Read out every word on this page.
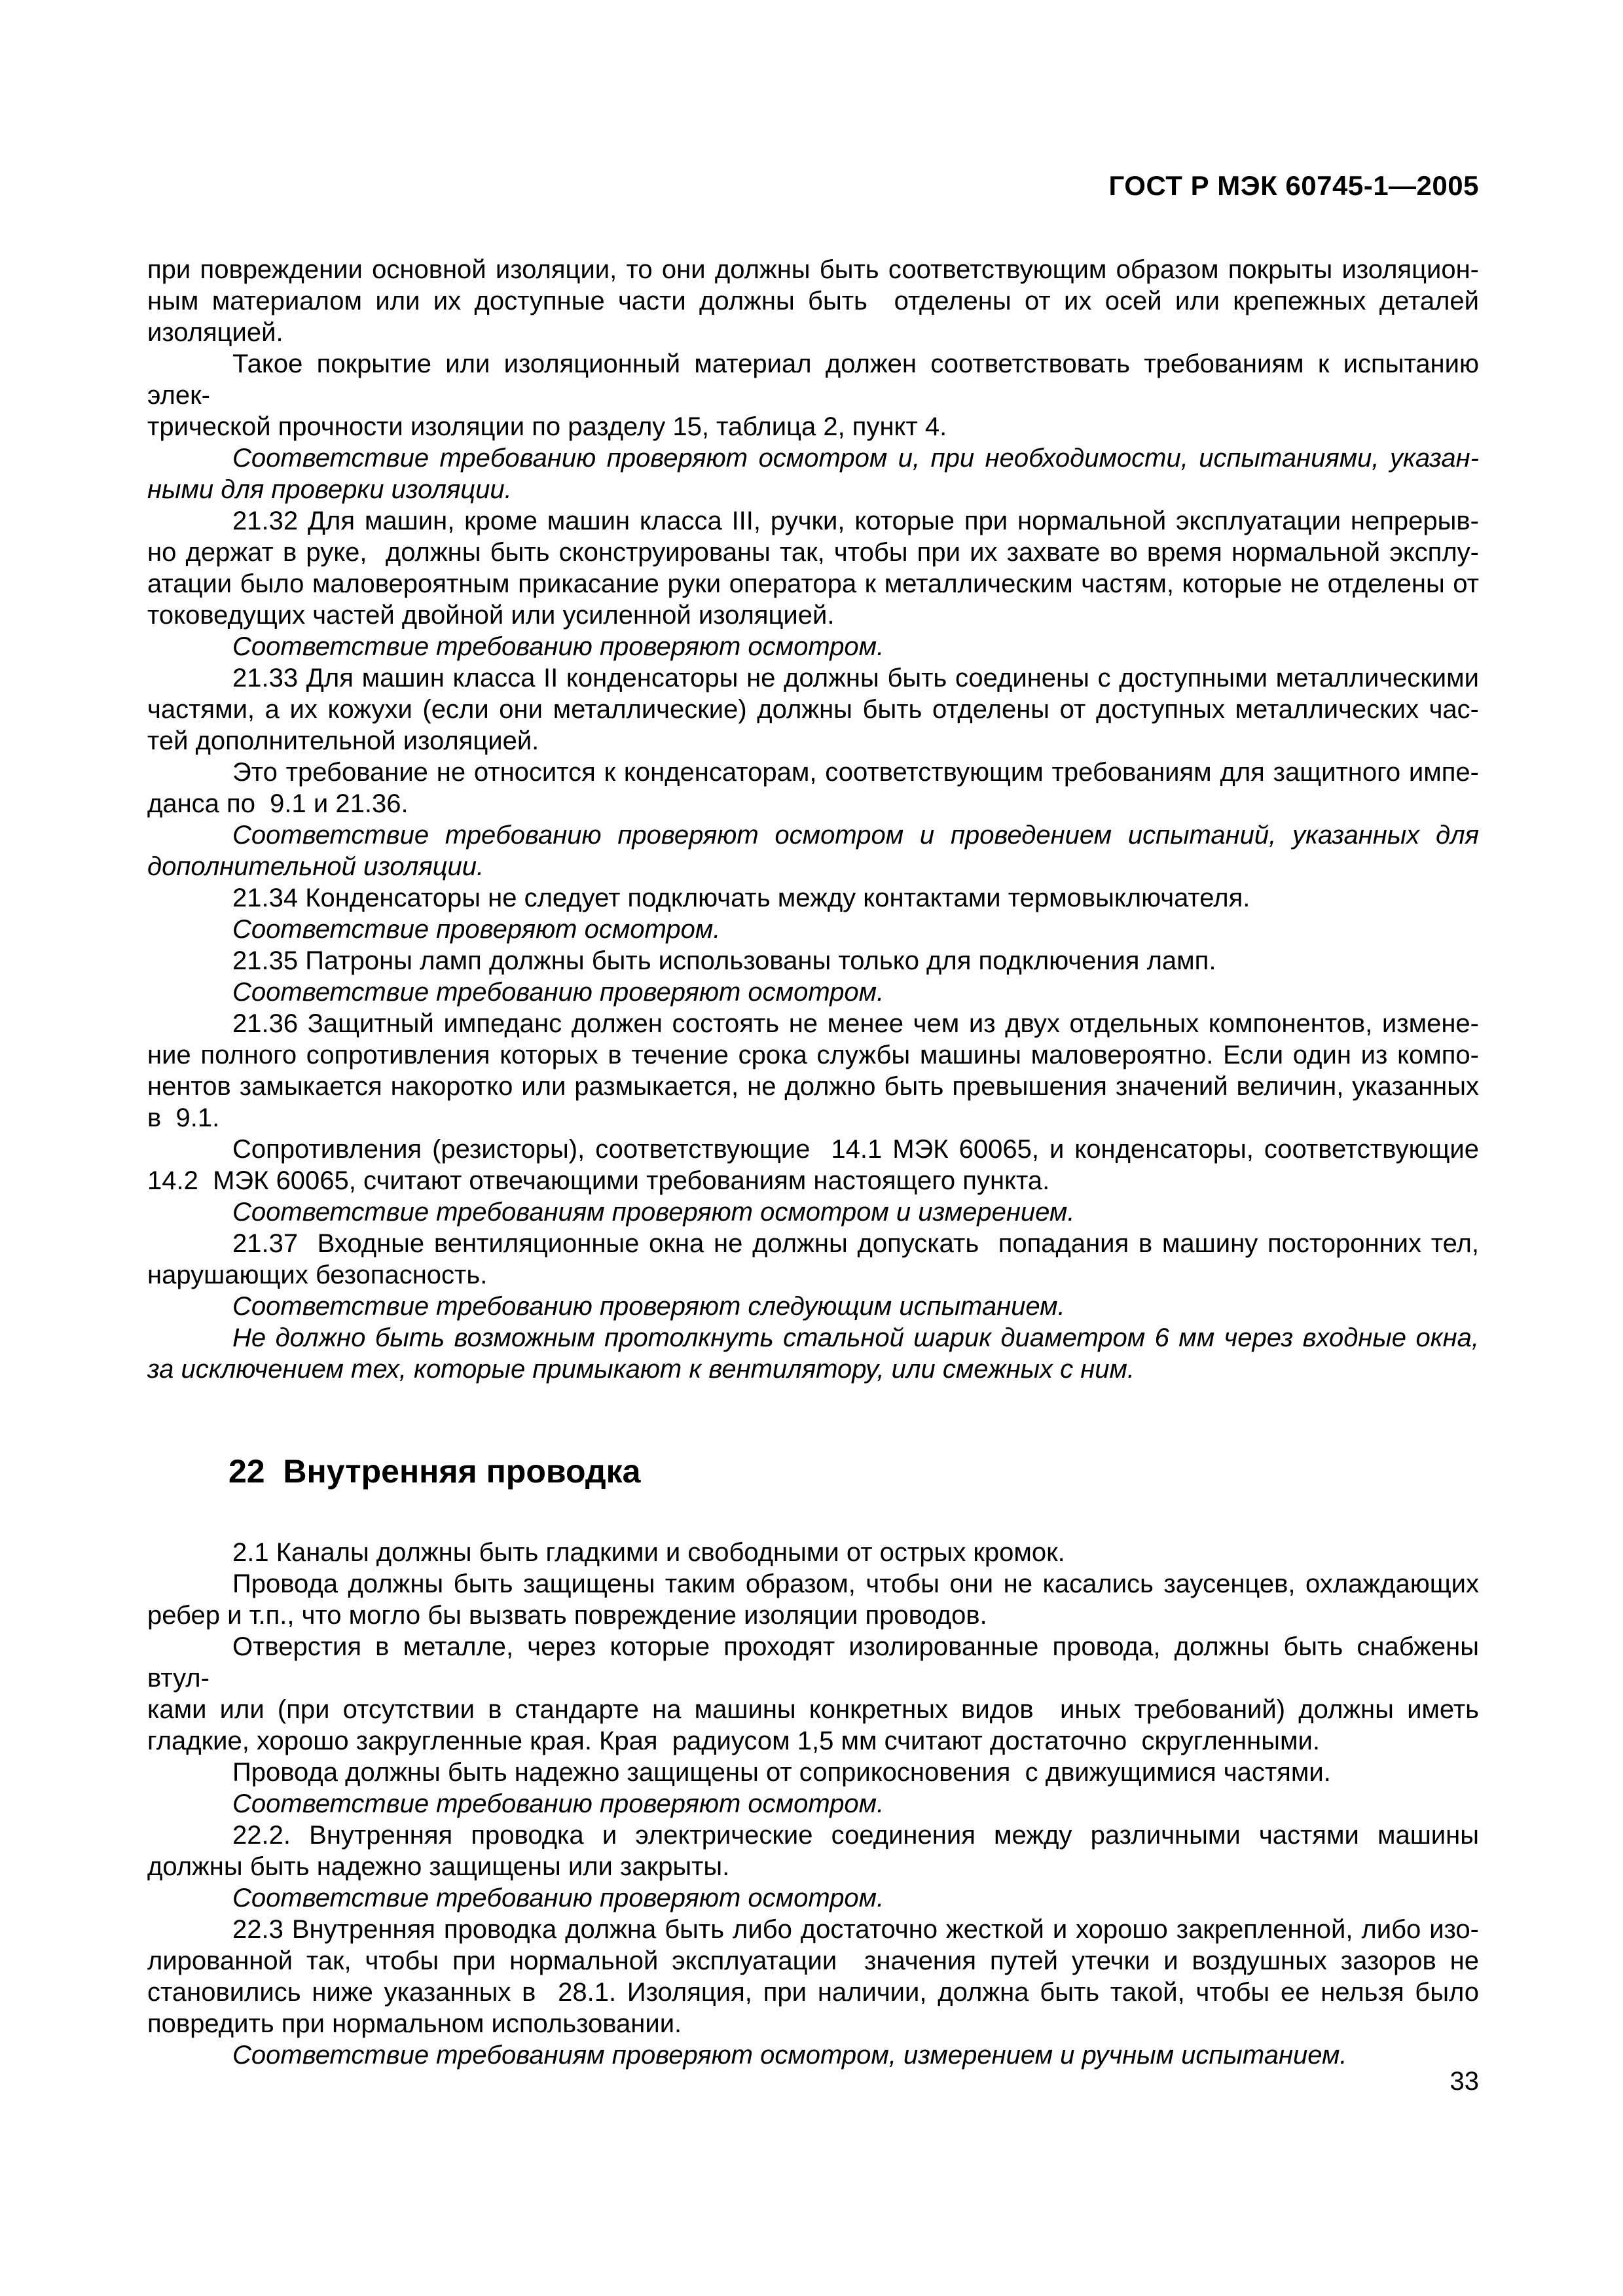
ГОСТ Р МЭК 60745-1—2005
при повреждении основной изоляции, то они должны быть соответствующим образом покрыты изоляцион-
ным материалом или их доступные части должны быть  отделены от их осей или крепежных деталей
изоляцией.
Такое покрытие или изоляционный материал должен соответствовать требованиям к испытанию элек-
трической прочности изоляции по разделу 15, таблица 2, пункт 4.
Соответствие требованию проверяют осмотром и, при необходимости, испытаниями, указан-
ными для проверки изоляции.
21.32 Для машин, кроме машин класса III, ручки, которые при нормальной эксплуатации непрерыв-
но держат в руке,  должны быть сконструированы так, чтобы при их захвате во время нормальной эксплу-
атации было маловероятным прикасание руки оператора к металлическим частям, которые не отделены от
токоведущих частей двойной или усиленной изоляцией.
Соответствие требованию проверяют осмотром.
21.33 Для машин класса II конденсаторы не должны быть соединены с доступными металлическими
частями, а их кожухи (если они металлические) должны быть отделены от доступных металлических час-
тей дополнительной изоляцией.
Это требование не относится к конденсаторам, соответствующим требованиям для защитного импе-
данса по  9.1 и 21.36.
Соответствие требованию проверяют осмотром и проведением испытаний, указанных для
дополнительной изоляции.
21.34 Конденсаторы не следует подключать между контактами термовыключателя.
Соответствие проверяют осмотром.
21.35 Патроны ламп должны быть использованы только для подключения ламп.
Соответствие требованию проверяют осмотром.
21.36 Защитный импеданс должен состоять не менее чем из двух отдельных компонентов, измене-
ние полного сопротивления которых в течение срока службы машины маловероятно. Если один из компо-
нентов замыкается накоротко или размыкается, не должно быть превышения значений величин, указанных
в  9.1.
Сопротивления (резисторы), соответствующие  14.1 МЭК 60065, и конденсаторы, соответствующие
14.2  МЭК 60065, считают отвечающими требованиям настоящего пункта.
Соответствие требованиям проверяют осмотром и измерением.
21.37  Входные вентиляционные окна не должны допускать  попадания в машину посторонних тел,
нарушающих безопасность.
Соответствие требованию проверяют следующим испытанием.
Не должно быть возможным протолкнуть стальной шарик диаметром 6 мм через входные окна,
за исключением тех, которые примыкают к вентилятору, или смежных с ним.
22  Внутренняя проводка
2.1 Каналы должны быть гладкими и свободными от острых кромок.
Провода должны быть защищены таким образом, чтобы они не касались заусенцев, охлаждающих
ребер и т.п., что могло бы вызвать повреждение изоляции проводов.
Отверстия в металле, через которые проходят изолированные провода, должны быть снабжены втул-
ками или (при отсутствии в стандарте на машины конкретных видов  иных требований) должны иметь
гладкие, хорошо закругленные края. Края  радиусом 1,5 мм считают достаточно  скругленными.
Провода должны быть надежно защищены от соприкосновения  с движущимися частями.
Соответствие требованию проверяют осмотром.
22.2. Внутренняя проводка и электрические соединения между различными частями машины
должны быть надежно защищены или закрыты.
Соответствие требованию проверяют осмотром.
22.3 Внутренняя проводка должна быть либо достаточно жесткой и хорошо закрепленной, либо изо-
лированной так, чтобы при нормальной эксплуатации  значения путей утечки и воздушных зазоров не
становились ниже указанных в  28.1. Изоляция, при наличии, должна быть такой, чтобы ее нельзя было
повредить при нормальном использовании.
Соответствие требованиям проверяют осмотром, измерением и ручным испытанием.
33
